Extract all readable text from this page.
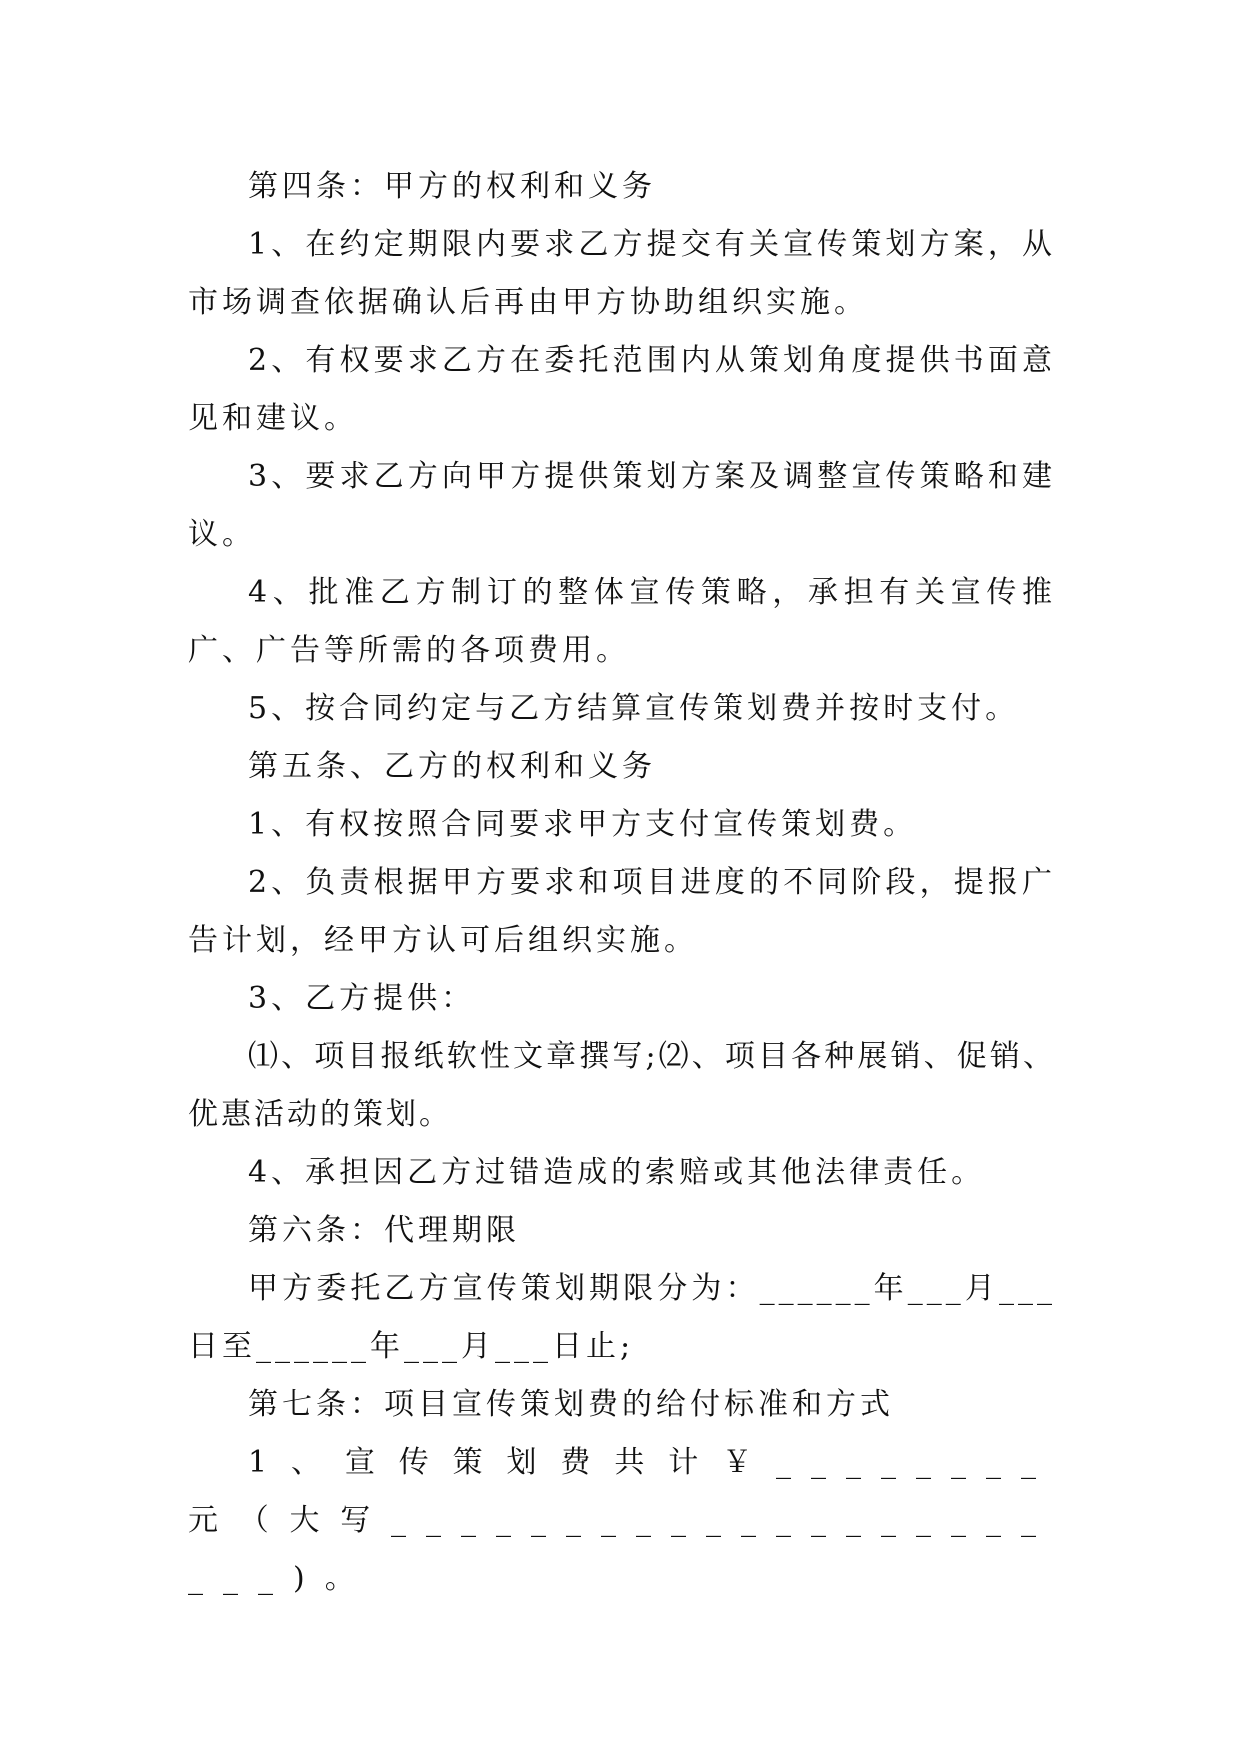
第四条：甲方的权利和义务

1、在约定期限内要求乙方提交有关宣传策划方案，从市场调查依据确认后再由甲方协助组织实施。

2、有权要求乙方在委托范围内从策划角度提供书面意见和建议。

3、要求乙方向甲方提供策划方案及调整宣传策略和建议。

4、批准乙方制订的整体宣传策略，承担有关宣传推广、广告等所需的各项费用。

5、按合同约定与乙方结算宣传策划费并按时支付。

第五条、乙方的权利和义务

1、有权按照合同要求甲方支付宣传策划费。

2、负责根据甲方要求和项目进度的不同阶段，提报广告计划，经甲方认可后组织实施。

3、乙方提供：

⑴、项目报纸软性文章撰写;⑵、项目各种展销、促销、优惠活动的策划。

4、承担因乙方过错造成的索赔或其他法律责任。

第六条：代理期限

甲方委托乙方宣传策划期限分为：______年___月___日至______年___月___日止;

第七条：项目宣传策划费的给付标准和方式

1、宣传策划费共计￥________元（大写______________________)。
